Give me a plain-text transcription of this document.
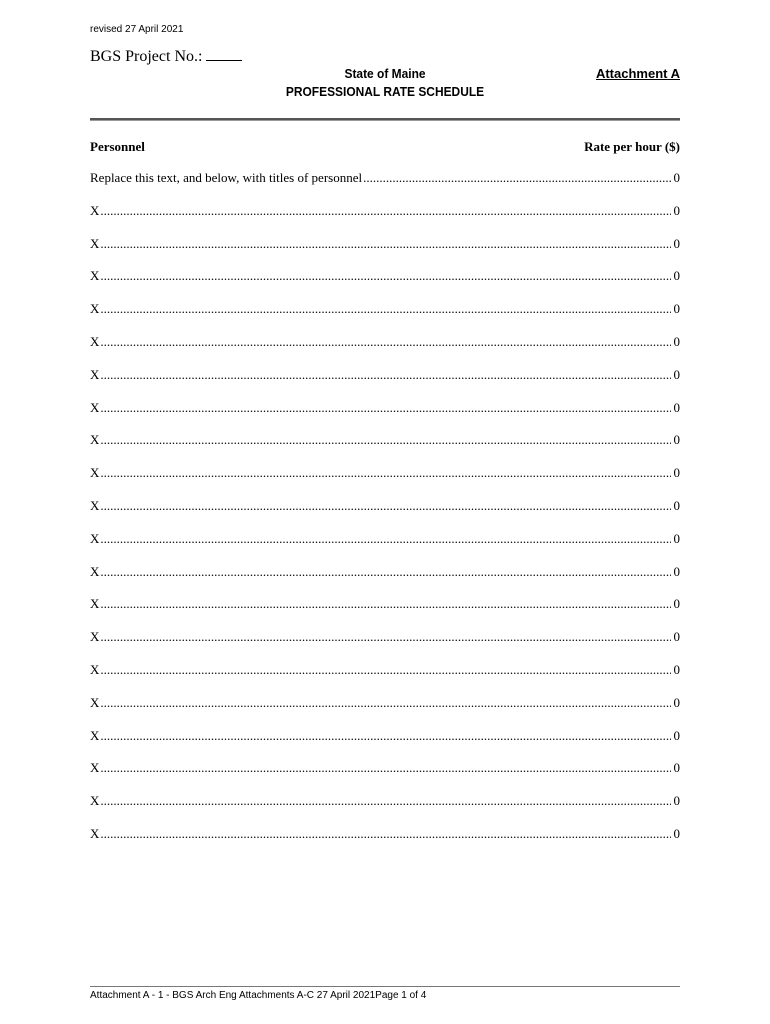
revised 27 April 2021
BGS Project No.:
State of Maine
PROFESSIONAL RATE SCHEDULE
Attachment A
Personnel	Rate per hour ($)
Replace this text, and below, with titles of personnel .....	0
X .....	0
X .....	0
X .....	0
X .....	0
X .....	0
X .....	0
X .....	0
X .....	0
X .....	0
X .....	0
X .....	0
X .....	0
X .....	0
X .....	0
X .....	0
X .....	0
X .....	0
X .....	0
X .....	0
X .....	0
Attachment A - 1 - BGS Arch Eng Attachments A-C 27 April 2021Page 1 of 4
